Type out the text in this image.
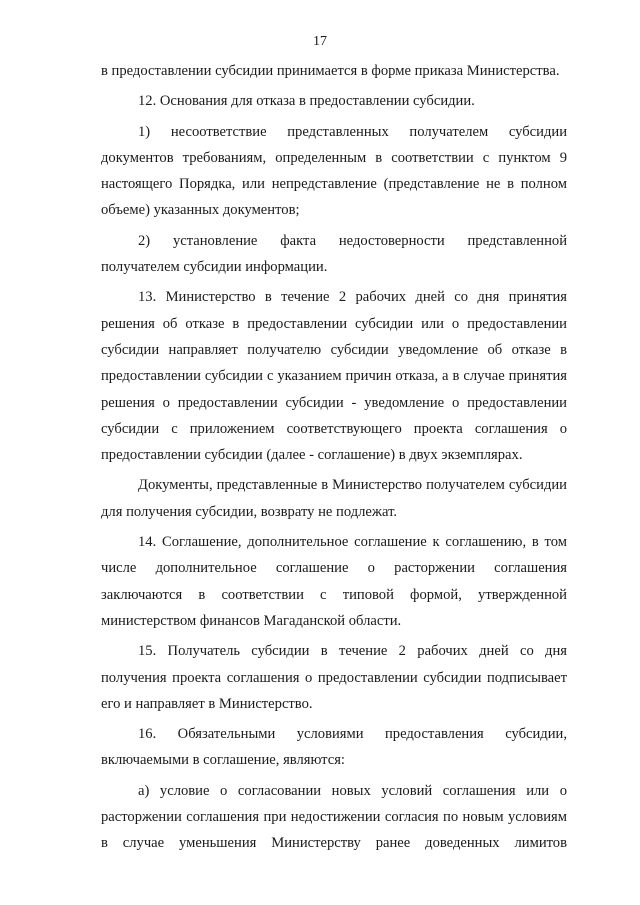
17

в предоставлении субсидии принимается в форме приказа Министерства.

12. Основания для отказа в предоставлении субсидии.

1) несоответствие представленных получателем субсидии документов требованиям, определенным в соответствии с пунктом 9 настоящего Порядка, или непредставление (представление не в полном объеме) указанных документов;

2) установление факта недостоверности представленной получателем субсидии информации.

13. Министерство в течение 2 рабочих дней со дня принятия решения об отказе в предоставлении субсидии или о предоставлении субсидии направляет получателю субсидии уведомление об отказе в предоставлении субсидии с указанием причин отказа, а в случае принятия решения о предоставлении субсидии - уведомление о предоставлении субсидии с приложением соответствующего проекта соглашения о предоставлении субсидии (далее - соглашение) в двух экземплярах.

Документы, представленные в Министерство получателем субсидии для получения субсидии, возврату не подлежат.

14. Соглашение, дополнительное соглашение к соглашению, в том числе дополнительное соглашение о расторжении соглашения заключаются в соответствии с типовой формой, утвержденной министерством финансов Магаданской области.

15. Получатель субсидии в течение 2 рабочих дней со дня получения проекта соглашения о предоставлении субсидии подписывает его и направляет в Министерство.

16. Обязательными условиями предоставления субсидии, включаемыми в соглашение, являются:

а) условие о согласовании новых условий соглашения или о расторжении соглашения при недостижении согласия по новым условиям в случае уменьшения Министерству ранее доведенных лимитов
